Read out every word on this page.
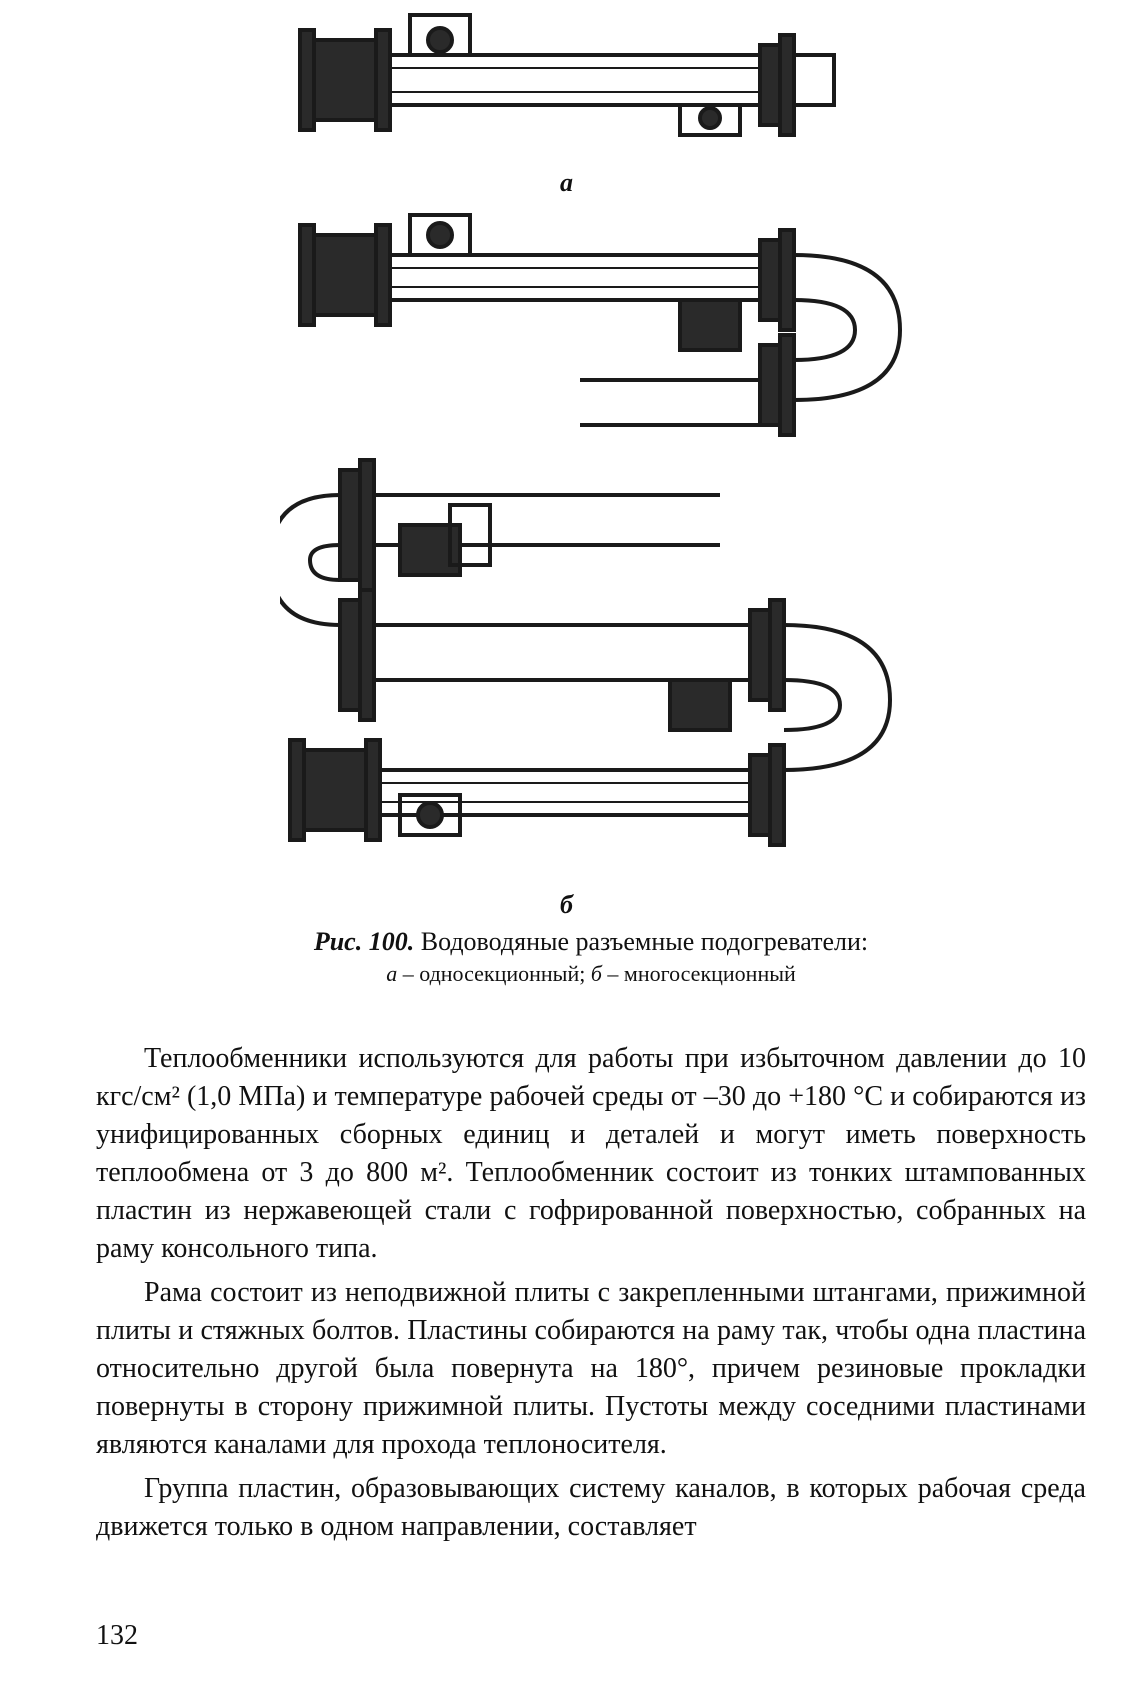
а
б
Рис. 100. Водоводяные разъемные подогреватели:
а – односекционный; б – многосекционный

Теплообменники используются для работы при избыточном давлении до 10 кгс/см² (1,0 МПа) и температуре рабочей среды от –30 до +180 °С и собираются из унифицированных сборных единиц и деталей и могут иметь поверхность теплообмена от 3 до 800 м². Теплообменник состоит из тонких штампованных пластин из нержавеющей стали с гофрированной поверхностью, собранных на раму консольного типа.

Рама состоит из неподвижной плиты с закрепленными штангами, прижимной плиты и стяжных болтов. Пластины собираются на раму так, чтобы одна пластина относительно другой была повернута на 180°, причем резиновые прокладки повернуты в сторону прижимной плиты. Пустоты между соседними пластинами являются каналами для прохода теплоносителя.

Группа пластин, образовывающих систему каналов, в которых рабочая среда движется только в одном направлении, составляет

132
